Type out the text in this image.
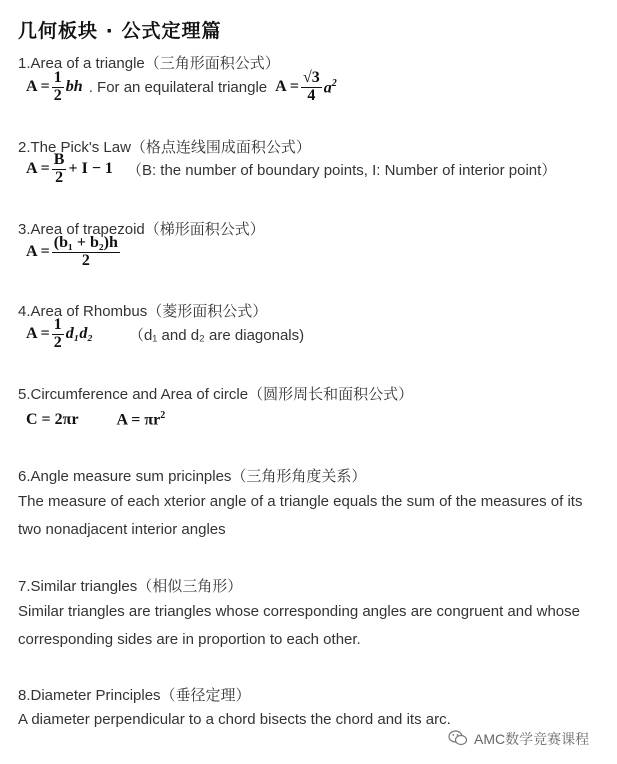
几何板块 · 公式定理篇
1.Area of a triangle（三角形面积公式）
$A = \frac{1}{2}$ bh . For an equilateral triangle $A = \frac{√3}{4} a^2$
2.The Pick's Law（格点连线围成面积公式）
$A = \frac{B}{2} + I - 1$ （B: the number of boundary points, I: Number of interior point）
3.Area of trapezoid（梯形面积公式）
$A = \frac{\text{(b₁ + b₂)h}}{2}$
4.Area of Rhombus（菱形面积公式）
$A = \frac{1}{2} d_1d_2$ （d₁ and d₂ are diagonals)
5.Circumference and Area of circle（圆形周长和面积公式）
C = 2πr $A = \pi r^2$
6.Angle measure sum pricinples（三角形角度关系）
The measure of each xterior angle of a triangle equals the sum of the measures of its two nonadjacent interior angles
7.Similar triangles（相似三角形）
Similar triangles are triangles whose corresponding angles are congruent and whose corresponding sides are in proportion to each other.
8.Diameter Principles（垂径定理）
A diameter perpendicular to a chord bisects the chord and its arc.
AMC数学竞赛课程
